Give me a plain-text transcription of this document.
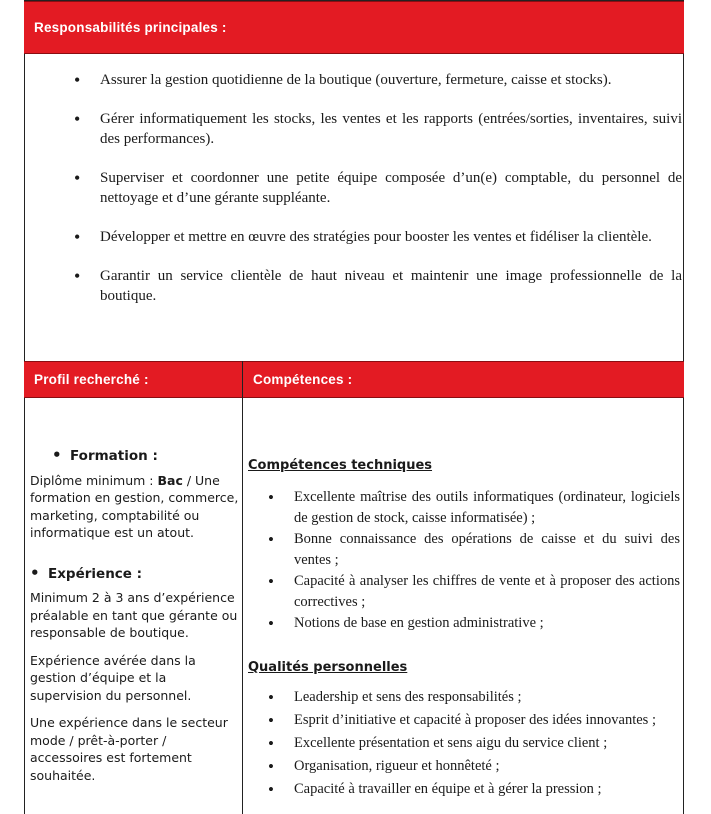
Responsabilités principales :
• Assurer la gestion quotidienne de la boutique (ouverture, fermeture, caisse et stocks).
• Gérer informatiquement les stocks, les ventes et les rapports (entrées/sorties, inventaires, suivi des performances).
• Superviser et coordonner une petite équipe composée d’un(e) comptable, du personnel de nettoyage et d’une gérante suppléante.
• Développer et mettre en œuvre des stratégies pour booster les ventes et fidéliser la clientèle.
• Garantir un service clientèle de haut niveau et maintenir une image professionnelle de la boutique.
Profil recherché :	Compétences :
• Formation :

Diplôme minimum : Bac / Une formation en gestion, commerce, marketing, comptabilité ou informatique est un atout.

• Expérience :

Minimum 2 à 3 ans d’expérience préalable en tant que gérante ou responsable de boutique.

Expérience avérée dans la gestion d’équipe et la supervision du personnel.

Une expérience dans le secteur mode / prêt-à-porter / accessoires est fortement souhaitée.

Compétences techniques
• Excellente maîtrise des outils informatiques (ordinateur, logiciels de gestion de stock, caisse informatisée) ;
• Bonne connaissance des opérations de caisse et du suivi des ventes ;
• Capacité à analyser les chiffres de vente et à proposer des actions correctives ;
• Notions de base en gestion administrative ;
Qualités personnelles
• Leadership et sens des responsabilités ;
• Esprit d’initiative et capacité à proposer des idées innovantes ;
• Excellente présentation et sens aigu du service client ;
• Organisation, rigueur et honnêteté ;
• Capacité à travailler en équipe et à gérer la pression ;
